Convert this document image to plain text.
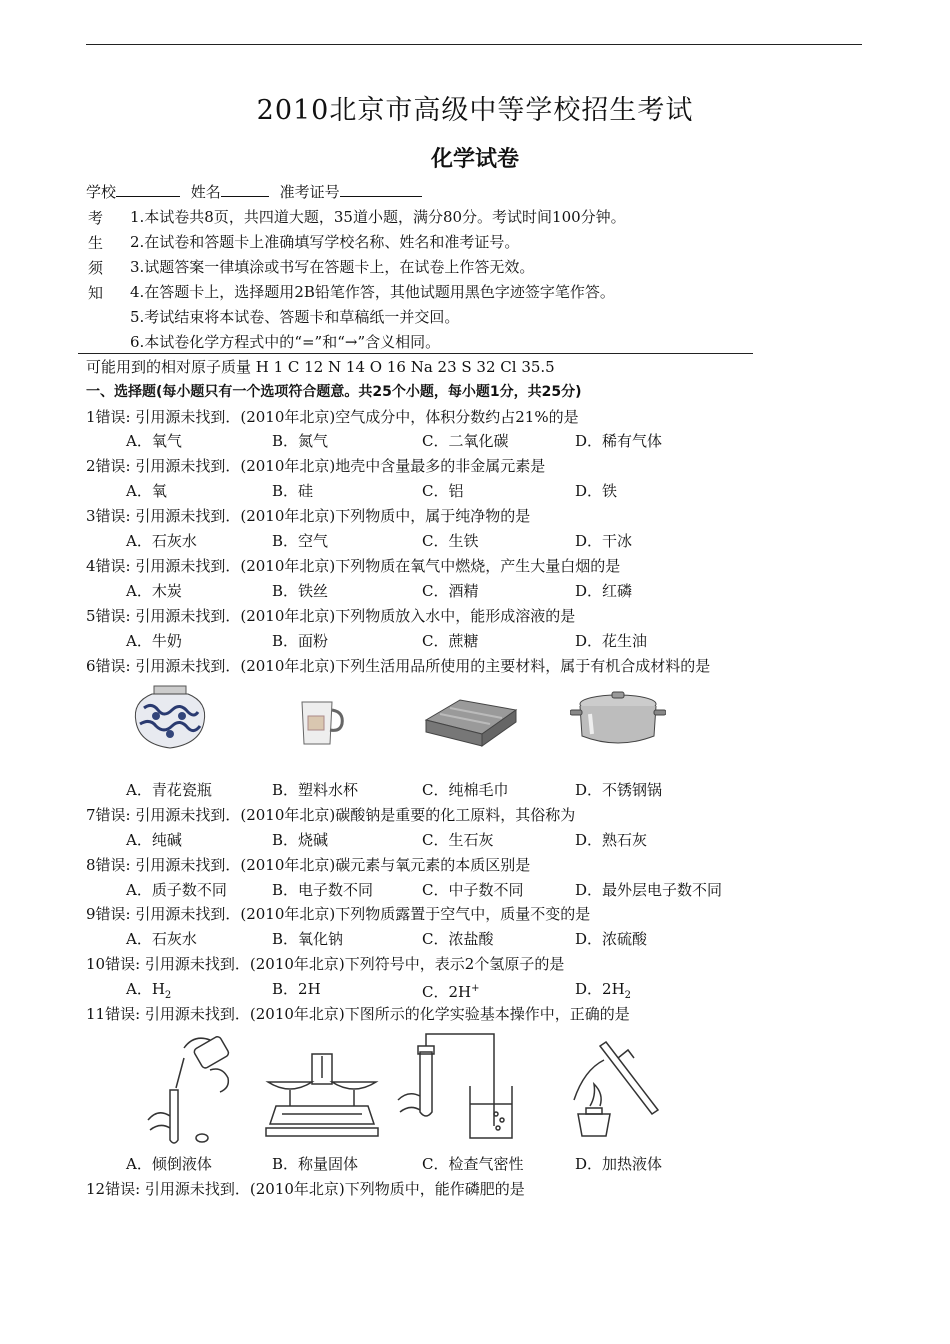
2010北京市高级中等学校招生考试
化学试卷
学校	姓名	准考证号
考
生
须
知
1.本试卷共8页，共四道大题，35道小题，满分80分。考试时间100分钟。
2.在试卷和答题卡上准确填写学校名称、姓名和准考证号。
3.试题答案一律填涂或书写在答题卡上，在试卷上作答无效。
4.在答题卡上，选择题用2B铅笔作答，其他试题用黑色字迹签字笔作答。
5.考试结束将本试卷、答题卡和草稿纸一并交回。
6.本试卷化学方程式中的“=”和“→”含义相同。
可能用到的相对原子质量 H 1 C 12 N 14 O 16 Na 23 S 32 Cl 35.5
一、选择题(每小题只有一个选项符合题意。共25个小题，每小题1分，共25分)
1错误: 引用源未找到．(2010年北京)空气成分中，体积分数约占21%的是
A．氧气	B．氮气	C．二氧化碳	D．稀有气体
2错误: 引用源未找到．(2010年北京)地壳中含量最多的非金属元素是
A．氧	B．硅	C．铝	D．铁
3错误: 引用源未找到．(2010年北京)下列物质中，属于纯净物的是
A．石灰水	B．空气	C．生铁	D．干冰
4错误: 引用源未找到．(2010年北京)下列物质在氧气中燃烧，产生大量白烟的是
A．木炭	B．铁丝	C．酒精	D．红磷
5错误: 引用源未找到．(2010年北京)下列物质放入水中，能形成溶液的是
A．牛奶	B．面粉	C．蔗糖	D．花生油
6错误: 引用源未找到．(2010年北京)下列生活用品所使用的主要材料，属于有机合成材料的是
A．青花瓷瓶	B．塑料水杯	C．纯棉毛巾	D．不锈钢锅
7错误: 引用源未找到．(2010年北京)碳酸钠是重要的化工原料，其俗称为
A．纯碱	B．烧碱	C．生石灰	D．熟石灰
8错误: 引用源未找到．(2010年北京)碳元素与氧元素的本质区别是
A．质子数不同	B．电子数不同	C．中子数不同	D．最外层电子数不同
9错误: 引用源未找到．(2010年北京)下列物质露置于空气中，质量不变的是
A．石灰水	B．氧化钠	C．浓盐酸	D．浓硫酸
10错误: 引用源未找到．(2010年北京)下列符号中，表示2个氢原子的是
A．$H_2$	B．2H	C．2H+	D．$2H_2$
11错误: 引用源未找到．(2010年北京)下图所示的化学实验基本操作中，正确的是
A．倾倒液体	B．称量固体	C．检查气密性	D．加热液体
12错误: 引用源未找到．(2010年北京)下列物质中，能作磷肥的是
